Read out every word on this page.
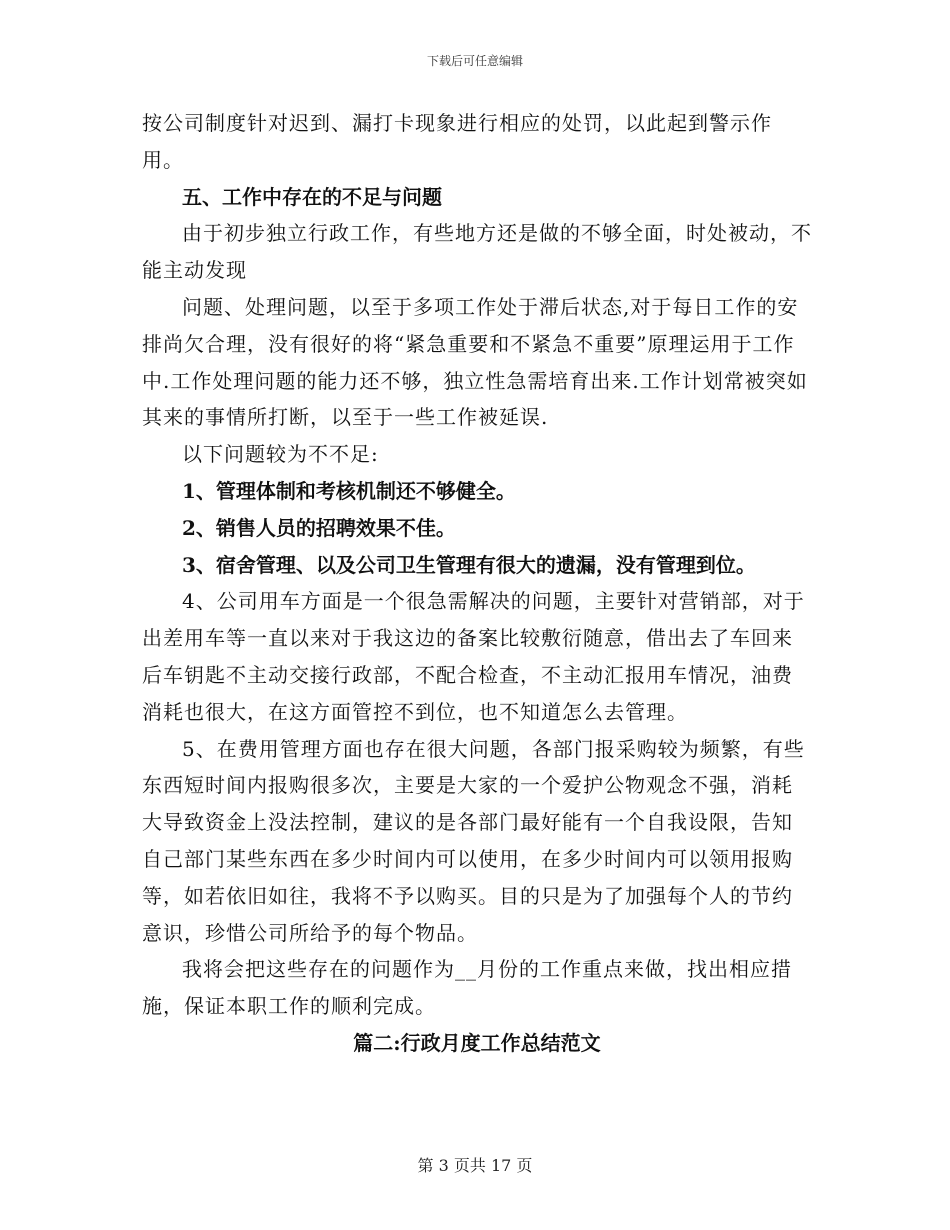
下载后可任意编辑

按公司制度针对迟到、漏打卡现象进行相应的处罚，以此起到警示作用。

五、工作中存在的不足与问题

由于初步独立行政工作，有些地方还是做的不够全面，时处被动，不能主动发现

问题、处理问题，以至于多项工作处于滞后状态,对于每日工作的安排尚欠合理，没有很好的将“紧急重要和不紧急不重要”原理运用于工作中.工作处理问题的能力还不够，独立性急需培育出来.工作计划常被突如其来的事情所打断，以至于一些工作被延误.

以下问题较为不不足:

1、管理体制和考核机制还不够健全。

2、销售人员的招聘效果不佳。

3、宿舍管理、以及公司卫生管理有很大的遗漏，没有管理到位。

4、公司用车方面是一个很急需解决的问题，主要针对营销部，对于出差用车等一直以来对于我这边的备案比较敷衍随意，借出去了车回来后车钥匙不主动交接行政部，不配合检查，不主动汇报用车情况，油费消耗也很大，在这方面管控不到位，也不知道怎么去管理。

5、在费用管理方面也存在很大问题，各部门报采购较为频繁，有些东西短时间内报购很多次，主要是大家的一个爱护公物观念不强，消耗大导致资金上没法控制，建议的是各部门最好能有一个自我设限，告知自己部门某些东西在多少时间内可以使用，在多少时间内可以领用报购等，如若依旧如往，我将不予以购买。目的只是为了加强每个人的节约意识，珍惜公司所给予的每个物品。

我将会把这些存在的问题作为__月份的工作重点来做，找出相应措施，保证本职工作的顺利完成。

篇二:行政月度工作总结范文

第 3 页共 17 页
